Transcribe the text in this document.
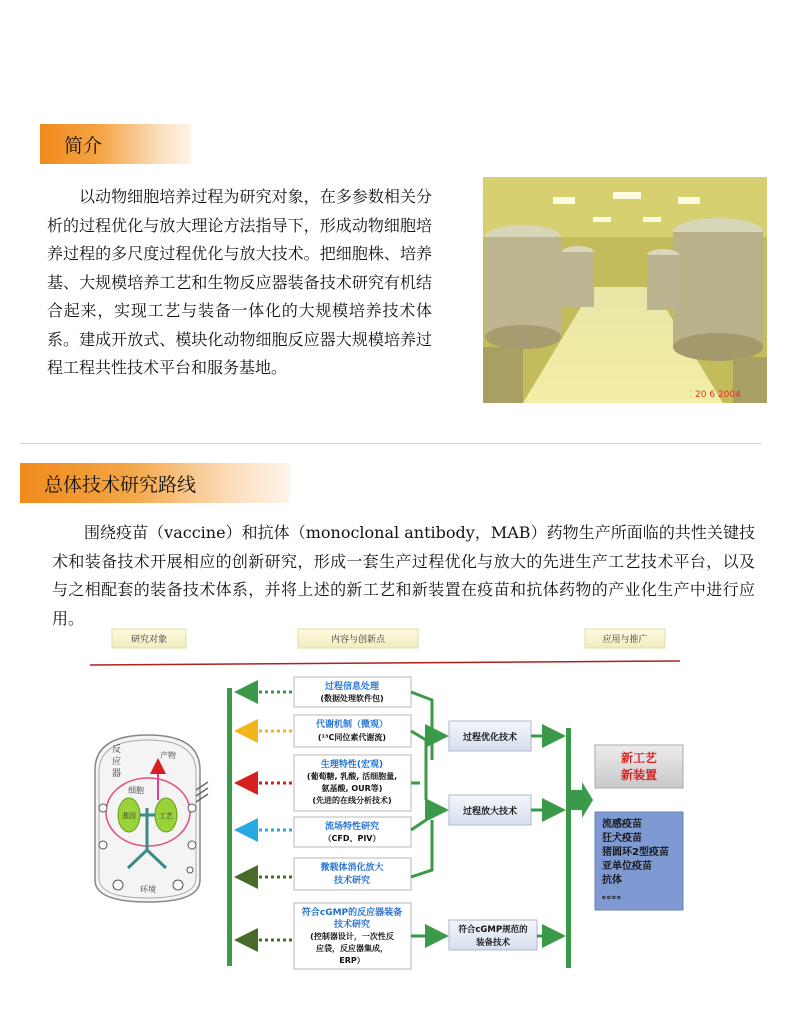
简介
以动物细胞培养过程为研究对象，在多参数相关分析的过程优化与放大理论方法指导下，形成动物细胞培养过程的多尺度过程优化与放大技术。把细胞株、培养基、大规模培养工艺和生物反应器装备技术研究有机结合起来，实现工艺与装备一体化的大规模培养技术体系。建成开放式、模块化动物细胞反应器大规模培养过程工程共性技术平台和服务基地。
20 6 2004
总体技术研究路线
围绕疫苗（vaccine）和抗体（monoclonal antibody，MAB）药物生产所面临的共性关键技术和装备技术开展相应的创新研究，形成一套生产过程优化与放大的先进生产工艺技术平台，以及与之相配套的装备技术体系，并将上述的新工艺和新装置在疫苗和抗体药物的产业化生产中进行应用。
研究对象	内容与创新点	应用与推广
反
应
器
产物
细胞
基因	工艺
环境
过程信息处理
(数据处理软件包)
代谢机制（微观）
(¹³C同位素代谢流)
生理特性(宏观)
(葡萄糖, 乳酸, 活细胞量,
氨基酸, OUR等)
(先进的在线分析技术)
流场特性研究
（CFD、PIV）
微载体消化放大
技术研究
符合cGMP的反应器装备
技术研究
(控制器设计，一次性反
应袋，反应器集成，
ERP）
过程优化技术
过程放大技术
符合cGMP规范的
装备技术
新工艺
新装置
流感疫苗
狂犬疫苗
猪圆环2型疫苗
亚单位疫苗
抗体
。。。。
